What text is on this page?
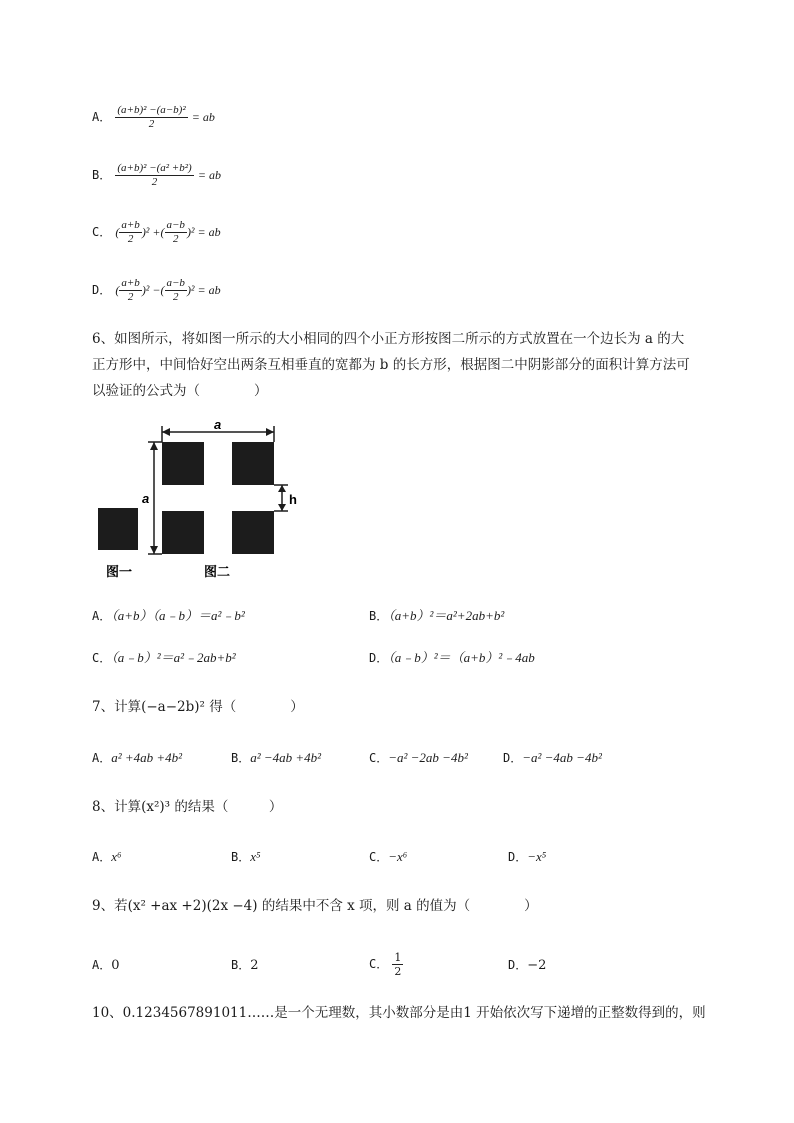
A． $\frac{\text{(a+b)² −(a−b)²}}{2}$ = ab
B． $\frac{\text{(a+b)² −(a² +b²)}}{2}$ = ab
C． ( $\frac{a+b}{2} )^2$ +( $\frac{a-b}{2} )^2$ = ab
D． ( $\frac{a+b}{2} )^2$ −( $\frac{a-b}{2} )^2$ = ab
6、如图所示，将如图一所示的大小相同的四个小正方形按图二所示的方式放置在一个边长为 a 的大
正方形中，中间恰好空出两条互相垂直的宽都为 b 的长方形，根据图二中阴影部分的面积计算方法可
以验证的公式为（　　　　）
a
a	h
图一	图二
A．（a+b）（a﹣b）＝a²﹣b²	B．（a+b）²＝a²+2ab+b²
C．（a﹣b）²＝a²﹣2ab+b²	D．（a﹣b）²＝（a+b）²﹣4ab
7、计算(−a−2b)² 得（　　　　）
A．a² +4ab +4b²	B．a² −4ab +4b²	C．−a² −2ab −4b²	D．−a² −4ab −4b²
8、计算(x²)³ 的结果（　　　）
A．x⁶	B．x⁵	C．−x⁶	D．−x⁵
9、若(x² +ax +2)(2x −4) 的结果中不含 x 项，则 a 的值为（　　　　）
A．0	B．2	C． $\frac{1}{2}$	D．−2
10、0.1234567891011……是一个无理数，其小数部分是由1 开始依次写下递增的正整数得到的，则
